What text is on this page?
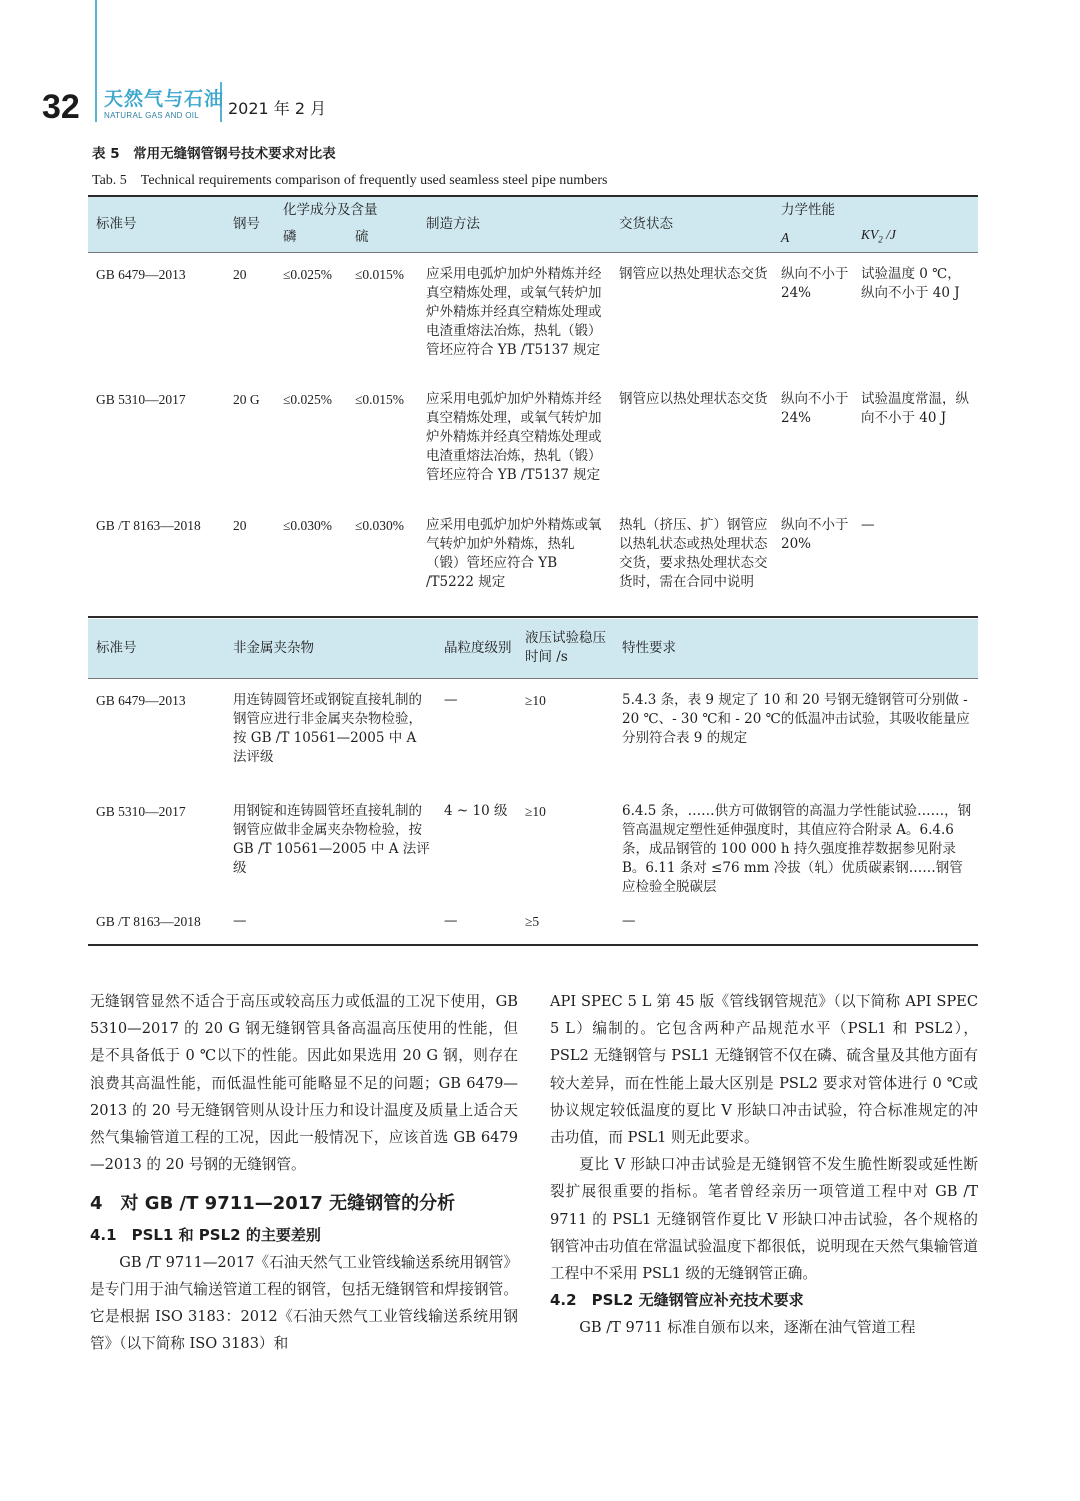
32 天然气与石油
NATURAL GAS AND OIL 2021 年 2 月
表 5　常用无缝钢管钢号技术要求对比表
Tab. 5　Technical requirements comparison of frequently used seamless steel pipe numbers
标准号	钢号	化学成分及含量		制造方法	交货状态	力学性能	
		磷	硫			A	$KV_2$ /J
GB 6479—2013	20	≤0.025%	≤0.015%	应采用电弧炉加炉外精炼并经真空精炼处理，或氧气转炉加炉外精炼并经真空精炼处理或电渣重熔法冶炼，热轧（锻）管坯应符合 YB /T5137 规定	钢管应以热处理状态交货	纵向不小于 24%	试验温度 0 ℃，纵向不小于 40 J
GB 5310—2017	20 G	≤0.025%	≤0.015%	应采用电弧炉加炉外精炼并经真空精炼处理，或氧气转炉加炉外精炼并经真空精炼处理或电渣重熔法冶炼，热轧（锻）管坯应符合 YB /T5137 规定	钢管应以热处理状态交货	纵向不小于 24%	试验温度常温，纵向不小于 40 J
GB /T 8163—2018	20	≤0.030%	≤0.030%	应采用电弧炉加炉外精炼或氧气转炉加炉外精炼，热轧（锻）管坯应符合 YB /T5222 规定	热轧（挤压、扩）钢管应以热轧状态或热处理状态交货，要求热处理状态交货时，需在合同中说明	纵向不小于 20%	—
标准号	非金属夹杂物	晶粒度级别	液压试验稳压时间 /s	特性要求
GB 6479—2013	用连铸圆管坯或钢锭直接轧制的钢管应进行非金属夹杂物检验，按 GB /T 10561—2005 中 A 法评级	—	≥10	5.4.3 条，表 9 规定了 10 和 20 号钢无缝钢管可分别做 - 20 ℃、- 30 ℃和 - 20 ℃的低温冲击试验，其吸收能量应分别符合表 9 的规定
GB 5310—2017	用钢锭和连铸圆管坯直接轧制的钢管应做非金属夹杂物检验，按 GB /T 10561—2005 中 A 法评级	4 ~ 10 级	≥10	6.4.5 条，……供方可做钢管的高温力学性能试验……，钢管高温规定塑性延伸强度时，其值应符合附录 A。6.4.6 条，成品钢管的 100 000 h 持久强度推荐数据参见附录 B。6.11 条对 ≤76 mm 冷拔（轧）优质碳素钢……钢管应检验全脱碳层
GB /T 8163—2018	—	—	≥5	—

无缝钢管显然不适合于高压或较高压力或低温的工况下使用，GB 5310—2017 的 20 G 钢无缝钢管具备高温高压使用的性能，但是不具备低于 0 ℃以下的性能。因此如果选用 20 G 钢，则存在浪费其高温性能，而低温性能可能略显不足的问题；GB 6479—2013 的 20 号无缝钢管则从设计压力和设计温度及质量上适合天然气集输管道工程的工况，因此一般情况下，应该首选 GB 6479—2013 的 20 号钢的无缝钢管。

4　对 GB /T 9711—2017 无缝钢管的分析
4.1　PSL1 和 PSL2 的主要差别

GB /T 9711—2017《石油天然气工业管线输送系统用钢管》是专门用于油气输送管道工程的钢管，包括无缝钢管和焊接钢管。它是根据 ISO 3183：2012《石油天然气工业管线输送系统用钢管》（以下简称 ISO 3183）和

API SPEC 5 L 第 45 版《管线钢管规范》（以下简称 API SPEC 5 L）编制的。它包含两种产品规范水平（PSL1 和 PSL2），PSL2 无缝钢管与 PSL1 无缝钢管不仅在磷、硫含量及其他方面有较大差异，而在性能上最大区别是 PSL2 要求对管体进行 0 ℃或协议规定较低温度的夏比 V 形缺口冲击试验，符合标准规定的冲击功值，而 PSL1 则无此要求。

夏比 V 形缺口冲击试验是无缝钢管不发生脆性断裂或延性断裂扩展很重要的指标。笔者曾经亲历一项管道工程中对 GB /T 9711 的 PSL1 无缝钢管作夏比 V 形缺口冲击试验，各个规格的钢管冲击功值在常温试验温度下都很低，说明现在天然气集输管道工程中不采用 PSL1 级的无缝钢管正确。

4.2　PSL2 无缝钢管应补充技术要求

GB /T 9711 标准自颁布以来，逐渐在油气管道工程
